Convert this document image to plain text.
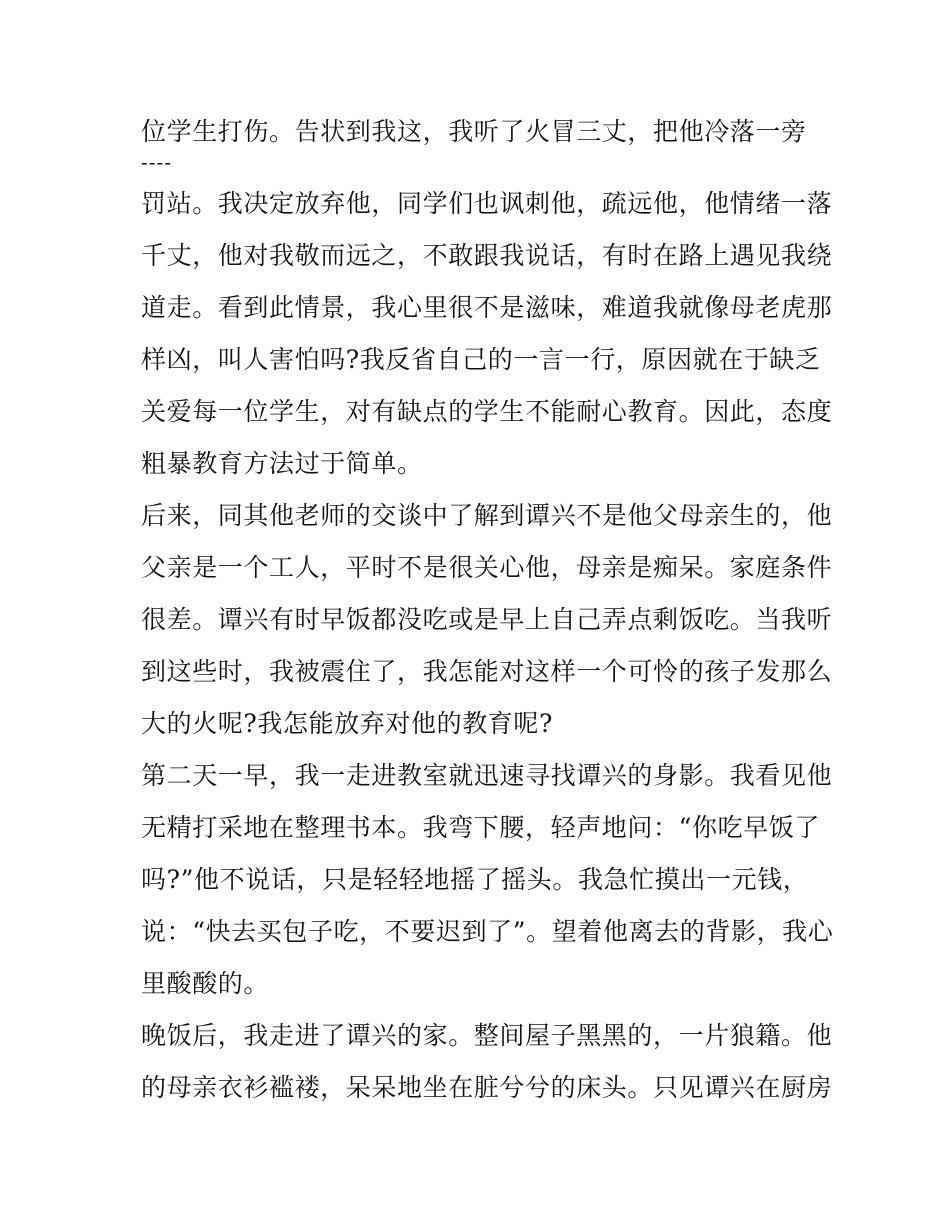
位学生打伤。告状到我这，我听了火冒三丈，把他冷落一旁
----
罚站。我决定放弃他，同学们也讽刺他，疏远他，他情绪一落
千丈，他对我敬而远之，不敢跟我说话，有时在路上遇见我绕
道走。看到此情景，我心里很不是滋味，难道我就像母老虎那
样凶，叫人害怕吗?我反省自己的一言一行，原因就在于缺乏
关爱每一位学生，对有缺点的学生不能耐心教育。因此，态度
粗暴教育方法过于简单。
后来，同其他老师的交谈中了解到谭兴不是他父母亲生的，他
父亲是一个工人，平时不是很关心他，母亲是痴呆。家庭条件
很差。谭兴有时早饭都没吃或是早上自己弄点剩饭吃。当我听
到这些时，我被震住了，我怎能对这样一个可怜的孩子发那么
大的火呢?我怎能放弃对他的教育呢?
第二天一早，我一走进教室就迅速寻找谭兴的身影。我看见他
无精打采地在整理书本。我弯下腰，轻声地问：“你吃早饭了
吗?”他不说话，只是轻轻地摇了摇头。我急忙摸出一元钱，
说：“快去买包子吃，不要迟到了”。望着他离去的背影，我心
里酸酸的。
晚饭后，我走进了谭兴的家。整间屋子黑黑的，一片狼籍。他
的母亲衣衫褴褛，呆呆地坐在脏兮兮的床头。只见谭兴在厨房
